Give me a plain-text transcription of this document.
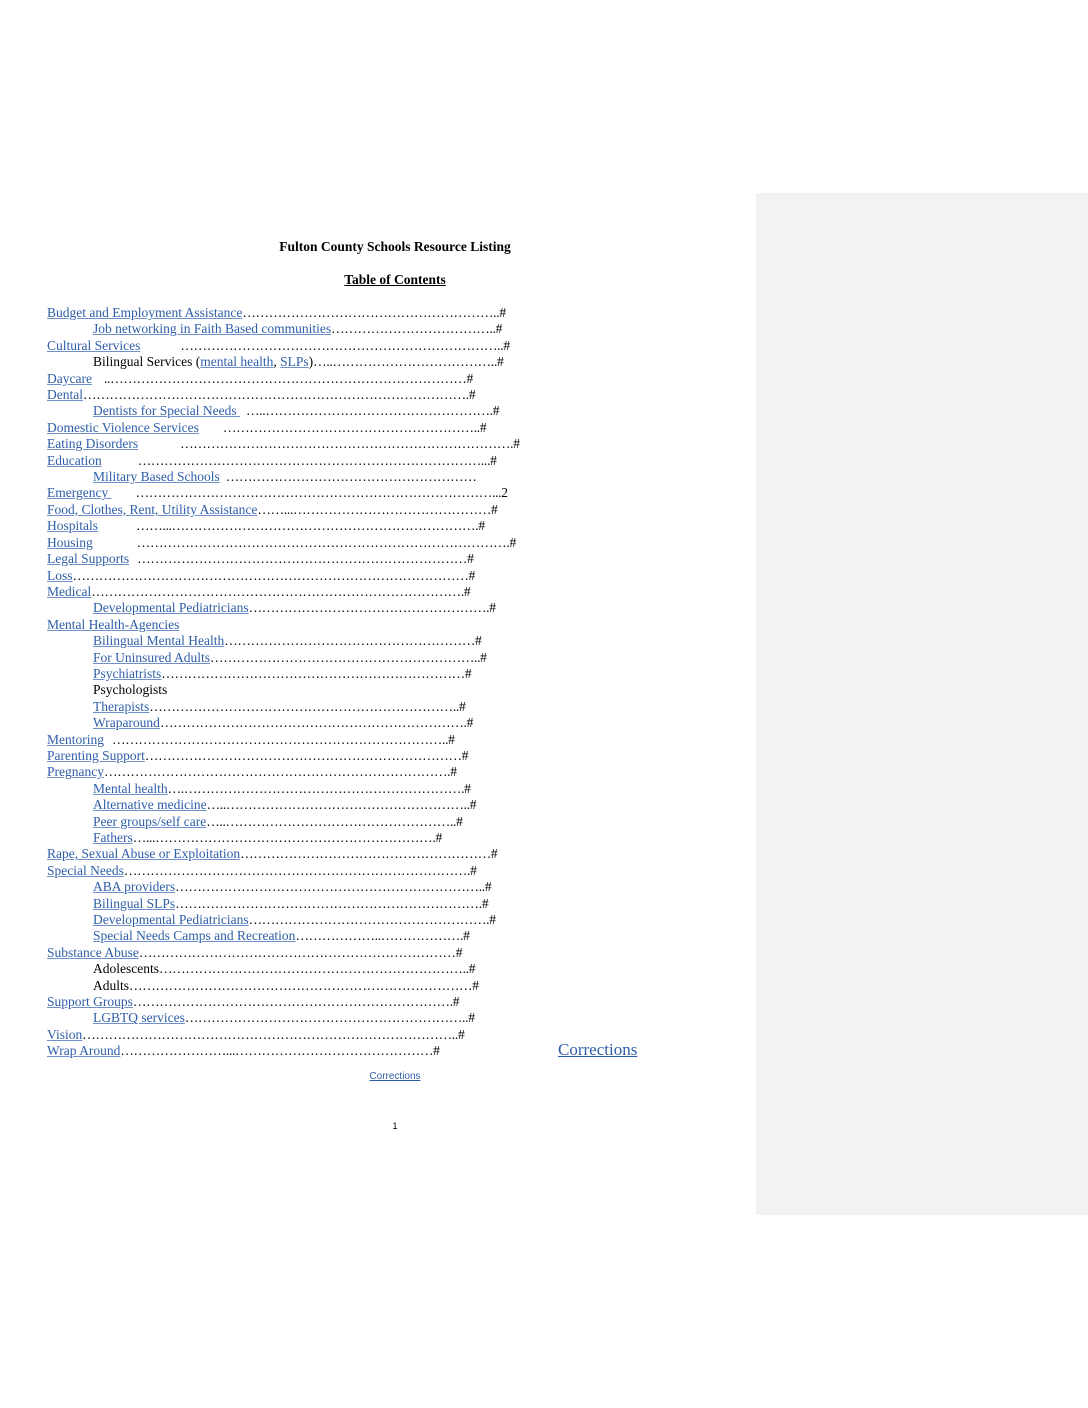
Fulton County Schools Resource Listing
Table of Contents
Budget and Employment Assistance…………………………………………………..#
Job networking in Faith Based communities………………………………..#
Cultural Services	………………………………………………………………..#
Bilingual Services (mental health, SLPs)…..………………………………..#
Daycare ..………………………………………………………………………#
Dental…………………………………………………………………………….#
Dentists for Special Needs …..…………………………………………….#
Domestic Violence Services …………………………………………………..#
Eating Disorders	………………………………………………………………….#
Education	……………………………………………………………………...#
Military Based Schools …………………………………………………
Emergency ………………………………………………………………………...2
Food, Clothes, Rent, Utility Assistance……...………………………………………#
Hospitals	……...…………………………………………………………….#
Housing	………………………………………………………………………….#
Legal Supports …………………………………………………………………#
Loss………………………………………………………………………………#
Medical………………………………………………………………………….#
Developmental Pediatricians……………………………………………….#
Mental Health-Agencies
Bilingual Mental Health…………………………………………………#
For Uninsured Adults……………………………………………………..#
Psychiatrists……………………………………………………………#
Psychologists
Therapists……………………………………………………………..#
Wraparound…………………………………………………………….#
Mentoring …………………………………………………………………..#
Parenting Support………………………………………………………………#
Pregnancy…………………………………………………………………….#
Mental health….……………………………………………………….#
Alternative medicine…..………………………………………………..#
Peer groups/self care…..……………………………………………..#
Fathers…...……………………………………………………….#
Rape, Sexual Abuse or Exploitation…………………………………………………#
Special Needs…………………………………………………………………….#
ABA providers……………………………………………………………..#
Bilingual SLPs…………………………………………………………….#
Developmental Pediatricians……………………………………………….#
Special Needs Camps and Recreation………………..……………….#
Substance Abuse………………………………………………………………#
Adolescents……………………………………………………………..#
Adults……………………………………………………………………#
Support Groups……………………………………………………………….#
LGBTQ services………………………………………………………..#
Vision…………………………………………………………………………..#
Wrap Around……………………...………………………………………#	Corrections
Corrections
1
